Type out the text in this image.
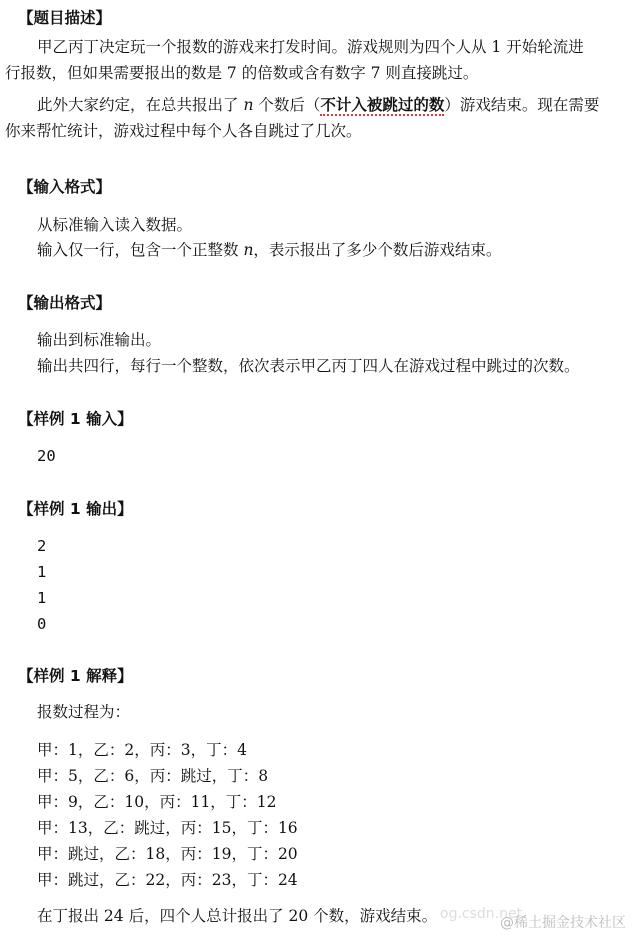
【题目描述】
甲乙丙丁决定玩一个报数的游戏来打发时间。游戏规则为四个人从 1 开始轮流进
行报数，但如果需要报出的数是 7 的倍数或含有数字 7 则直接跳过。
此外大家约定，在总共报出了 n 个数后（不计入被跳过的数）游戏结束。现在需要
你来帮忙统计，游戏过程中每个人各自跳过了几次。
【输入格式】
从标准输入读入数据。
输入仅一行，包含一个正整数 n，表示报出了多少个数后游戏结束。
【输出格式】
输出到标准输出。
输出共四行，每行一个整数，依次表示甲乙丙丁四人在游戏过程中跳过的次数。
【样例 1 输入】
20
【样例 1 输出】
2
1
1
0
【样例 1 解释】
报数过程为：
甲：1，乙：2，丙：3，丁：4
甲：5，乙：6，丙：跳过，丁：8
甲：9，乙：10，丙：11，丁：12
甲：13，乙：跳过，丙：15，丁：16
甲：跳过，乙：18，丙：19，丁：20
甲：跳过，乙：22，丙：23，丁：24
在丁报出 24 后，四个人总计报出了 20 个数，游戏结束。 og.csdn.net
@稀土掘金技术社区
